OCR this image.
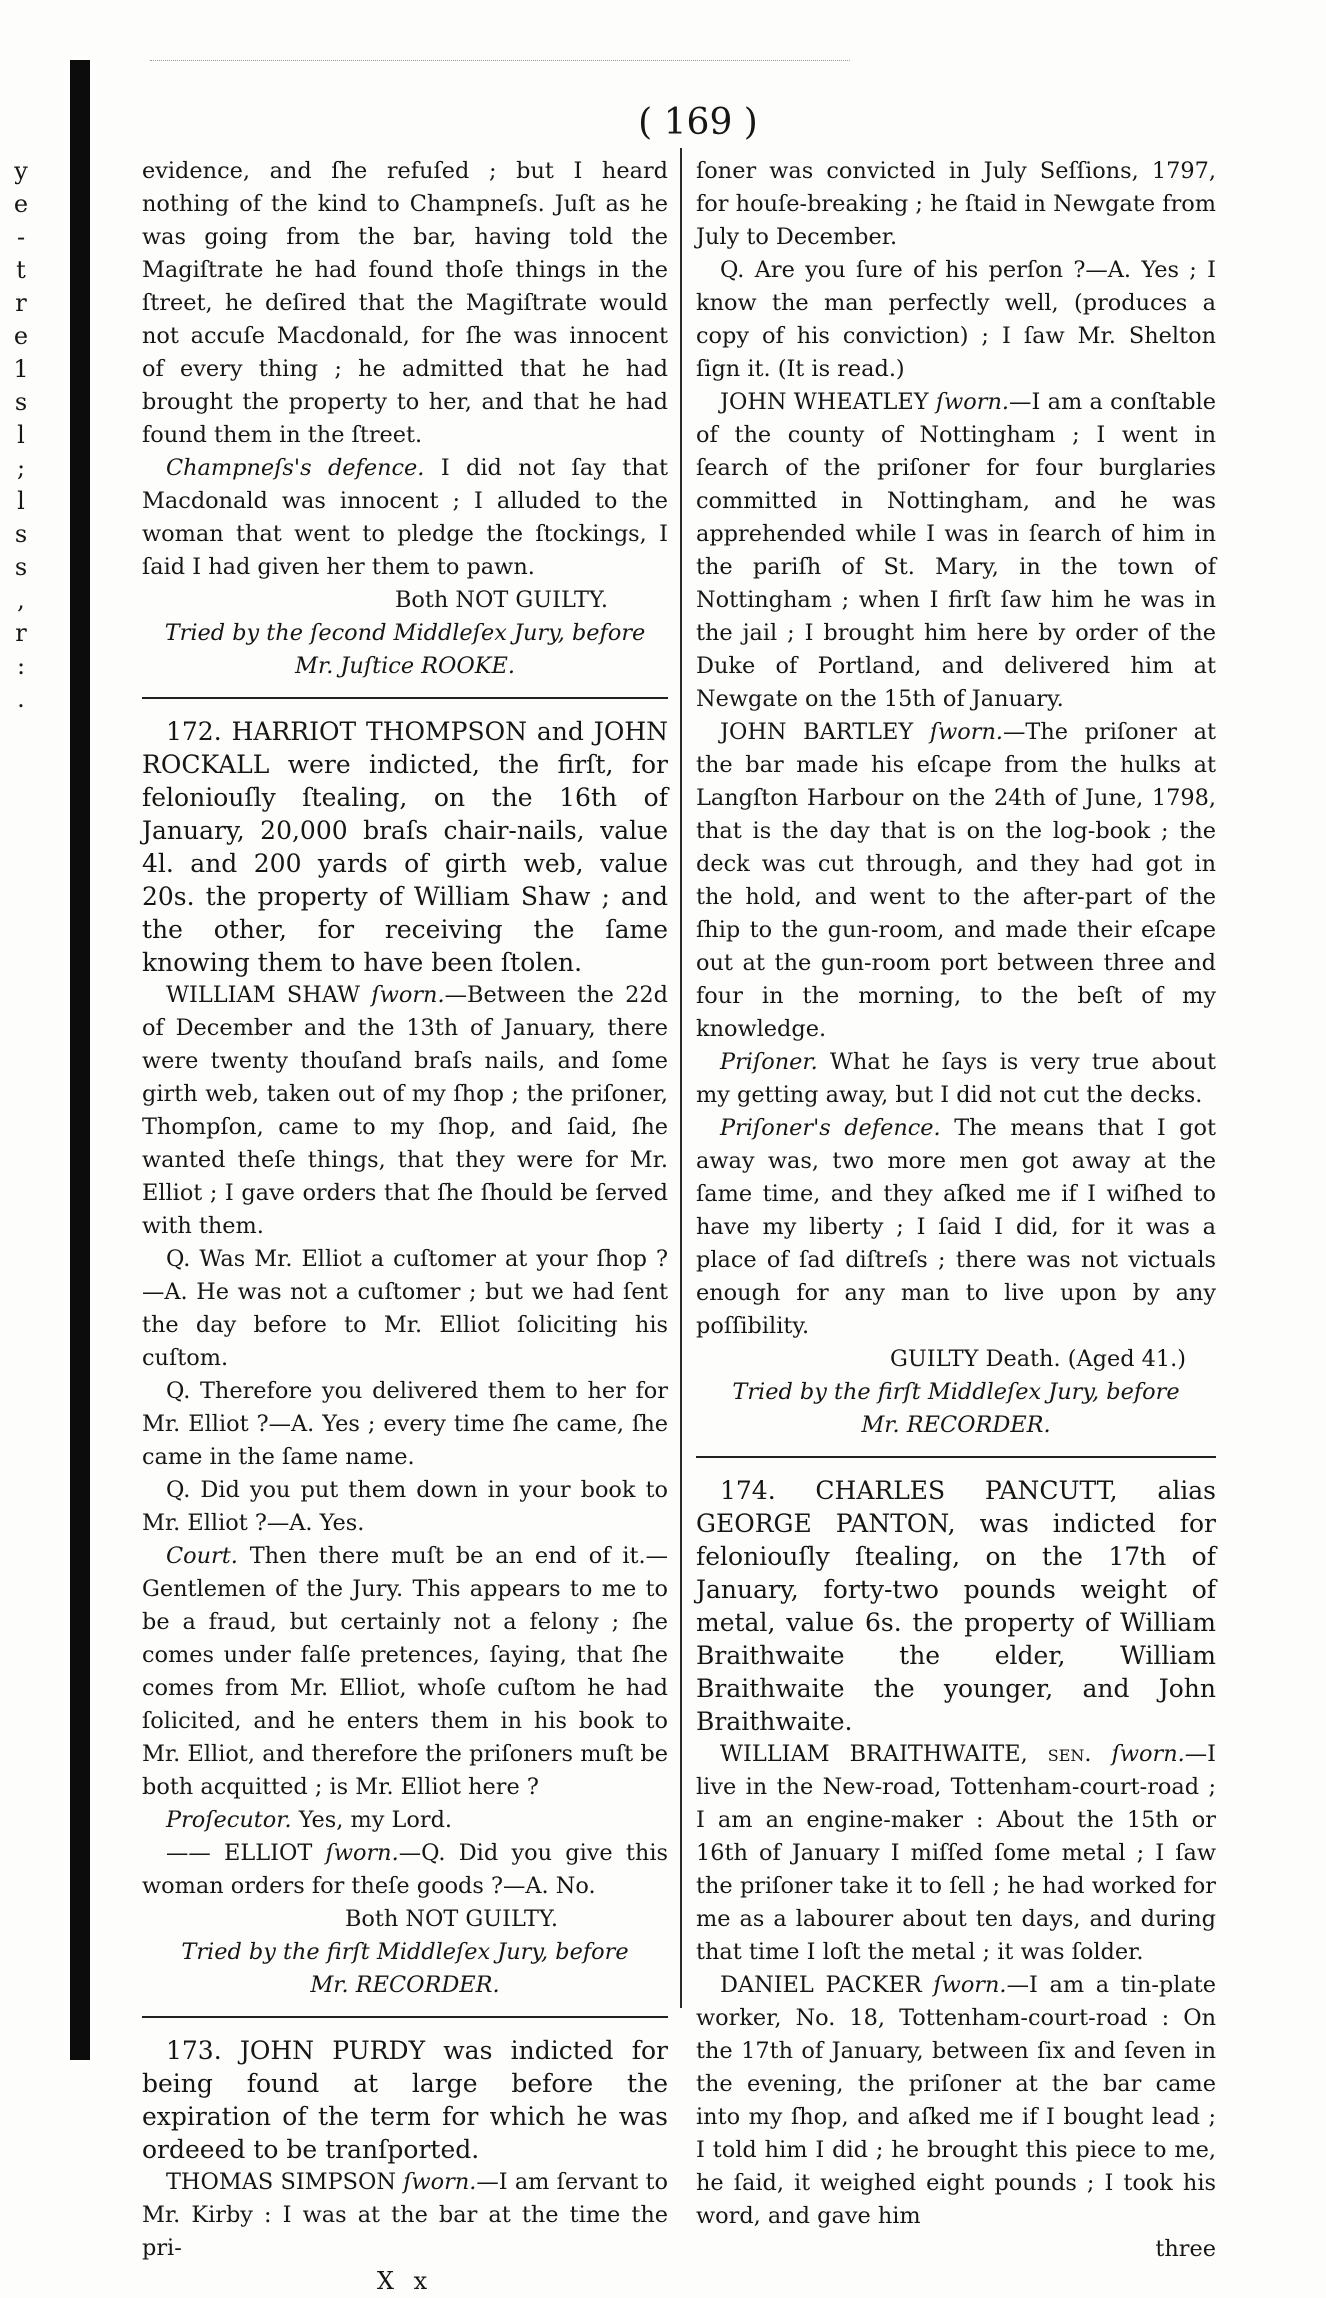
y
e
-
t
r
e
1
s
l
;
l
s
s
,
r
:
.
( 169 )

evidence, and ſhe refuſed ; but I heard nothing of the kind to Champneſs. Juſt as he was going from the bar, having told the Magiſtrate he had found thoſe things in the ſtreet, he deſired that the Magiſtrate would not accuſe Macdonald, for ſhe was innocent of every thing ; he admitted that he had brought the property to her, and that he had found them in the ſtreet.

Champneſs's defence. I did not ſay that Macdonald was innocent ; I alluded to the woman that went to pledge the ſtockings, I ſaid I had given her them to pawn.

Both NOT GUILTY.

Tried by the ſecond Middleſex Jury, before

Mr. Juſtice ROOKE.

172. HARRIOT THOMPSON and JOHN ROCKALL were indicted, the firſt, for feloniouſly ſtealing, on the 16th of January, 20,000 braſs chair-nails, value 4l. and 200 yards of girth web, value 20s. the property of William Shaw ; and the other, for receiving the ſame knowing them to have been ſtolen.

WILLIAM SHAW ſworn.—Between the 22d of December and the 13th of January, there were twenty thouſand braſs nails, and ſome girth web, taken out of my ſhop ; the priſoner, Thompſon, came to my ſhop, and ſaid, ſhe wanted theſe things, that they were for Mr. Elliot ; I gave orders that ſhe ſhould be ſerved with them.

Q. Was Mr. Elliot a cuſtomer at your ſhop ?—A. He was not a cuſtomer ; but we had ſent the day before to Mr. Elliot ſoliciting his cuſtom.

Q. Therefore you delivered them to her for Mr. Elliot ?—A. Yes ; every time ſhe came, ſhe came in the ſame name.

Q. Did you put them down in your book to Mr. Elliot ?—A. Yes.

Court. Then there muſt be an end of it.—Gentlemen of the Jury. This appears to me to be a fraud, but certainly not a felony ; ſhe comes under falſe pretences, ſaying, that ſhe comes from Mr. Elliot, whoſe cuſtom he had ſolicited, and he enters them in his book to Mr. Elliot, and therefore the priſoners muſt be both acquitted ; is Mr. Elliot here ?

Proſecutor. Yes, my Lord.

—— ELLIOT ſworn.—Q. Did you give this woman orders for theſe goods ?—A. No.

Both NOT GUILTY.

Tried by the firſt Middleſex Jury, before

Mr. RECORDER.

173. JOHN PURDY was indicted for being found at large before the expiration of the term for which he was ordeeed to be tranſported.

THOMAS SIMPSON ſworn.—I am ſervant to Mr. Kirby : I was at the bar at the time the pri-

X x

ſoner was convicted in July Seſſions, 1797, for houſe-breaking ; he ſtaid in Newgate from July to December.

Q. Are you ſure of his perſon ?—A. Yes ; I know the man perfectly well, (produces a copy of his conviction) ; I ſaw Mr. Shelton ſign it. (It is read.)

JOHN WHEATLEY ſworn.—I am a conſtable of the county of Nottingham ; I went in ſearch of the priſoner for four burglaries committed in Nottingham, and he was apprehended while I was in ſearch of him in the pariſh of St. Mary, in the town of Nottingham ; when I firſt ſaw him he was in the jail ; I brought him here by order of the Duke of Portland, and delivered him at Newgate on the 15th of January.

JOHN BARTLEY ſworn.—The priſoner at the bar made his eſcape from the hulks at Langſton Harbour on the 24th of June, 1798, that is the day that is on the log-book ; the deck was cut through, and they had got in the hold, and went to the after-part of the ſhip to the gun-room, and made their eſcape out at the gun-room port between three and four in the morning, to the beſt of my knowledge.

Priſoner. What he ſays is very true about my getting away, but I did not cut the decks.

Priſoner's defence. The means that I got away was, two more men got away at the ſame time, and they aſked me if I wiſhed to have my liberty ; I ſaid I did, for it was a place of ſad diſtreſs ; there was not victuals enough for any man to live upon by any poſſibility.

GUILTY Death. (Aged 41.)

Tried by the firſt Middleſex Jury, before

Mr. RECORDER.

174. CHARLES PANCUTT, alias GEORGE PANTON, was indicted for feloniouſly ſtealing, on the 17th of January, forty-two pounds weight of metal, value 6s. the property of William Braithwaite the elder, William Braithwaite the younger, and John Braithwaite.

WILLIAM BRAITHWAITE, ſen. ſworn.—I live in the New-road, Tottenham-court-road ; I am an engine-maker : About the 15th or 16th of January I miſſed ſome metal ; I ſaw the priſoner take it to ſell ; he had worked for me as a labourer about ten days, and during that time I loſt the metal ; it was ſolder.

DANIEL PACKER ſworn.—I am a tin-plate worker, No. 18, Tottenham-court-road : On the 17th of January, between ſix and ſeven in the evening, the priſoner at the bar came into my ſhop, and aſked me if I bought lead ; I told him I did ; he brought this piece to me, he ſaid, it weighed eight pounds ; I took his word, and gave him

three
